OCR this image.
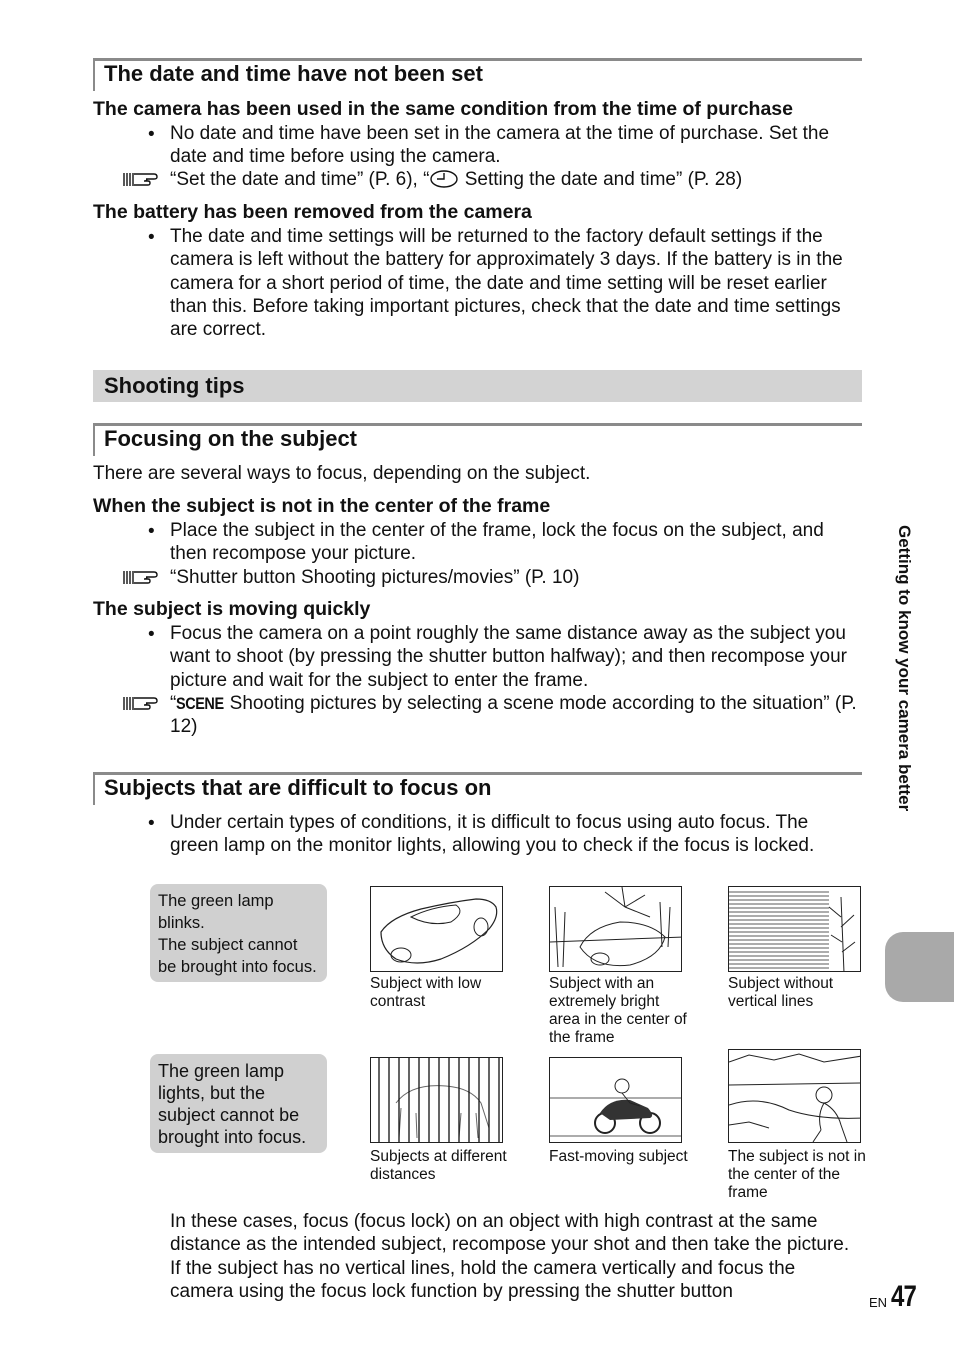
The date and time have not been set
The camera has been used in the same condition from the time of purchase
• No date and time have been set in the camera at the time of purchase. Set the date and time before using the camera.
“Set the date and time” (P. 6), “ Setting the date and time” (P. 28)
The battery has been removed from the camera
• The date and time settings will be returned to the factory default settings if the camera is left without the battery for approximately 3 days. If the battery is in the camera for a short period of time, the date and time setting will be reset earlier than this. Before taking important pictures, check that the date and time settings are correct.
Shooting tips
Focusing on the subject
There are several ways to focus, depending on the subject.
When the subject is not in the center of the frame
• Place the subject in the center of the frame, lock the focus on the subject, and then recompose your picture.
“Shutter button Shooting pictures/movies” (P. 10)
The subject is moving quickly
• Focus the camera on a point roughly the same distance away as the subject you want to shoot (by pressing the shutter button halfway); and then recompose your picture and wait for the subject to enter the frame.
“SCENE Shooting pictures by selecting a scene mode according to the situation” (P. 12)
Subjects that are difficult to focus on
• Under certain types of conditions, it is difficult to focus using auto focus. The green lamp on the monitor lights, allowing you to check if the focus is locked.
The green lamp blinks.
The subject cannot be brought into focus.
The green lamp lights, but the subject cannot be brought into focus.
Subject with low contrast
Subject with an extremely bright area in the center of the frame
Subject without vertical lines
Subjects at different distances
Fast-moving subject	The subject is not in the center of the frame
In these cases, focus (focus lock) on an object with high contrast at the same distance as the intended subject, recompose your shot and then take the picture. If the subject has no vertical lines, hold the camera vertically and focus the camera using the focus lock function by pressing the shutter button
Getting to know your camera better
EN 47
